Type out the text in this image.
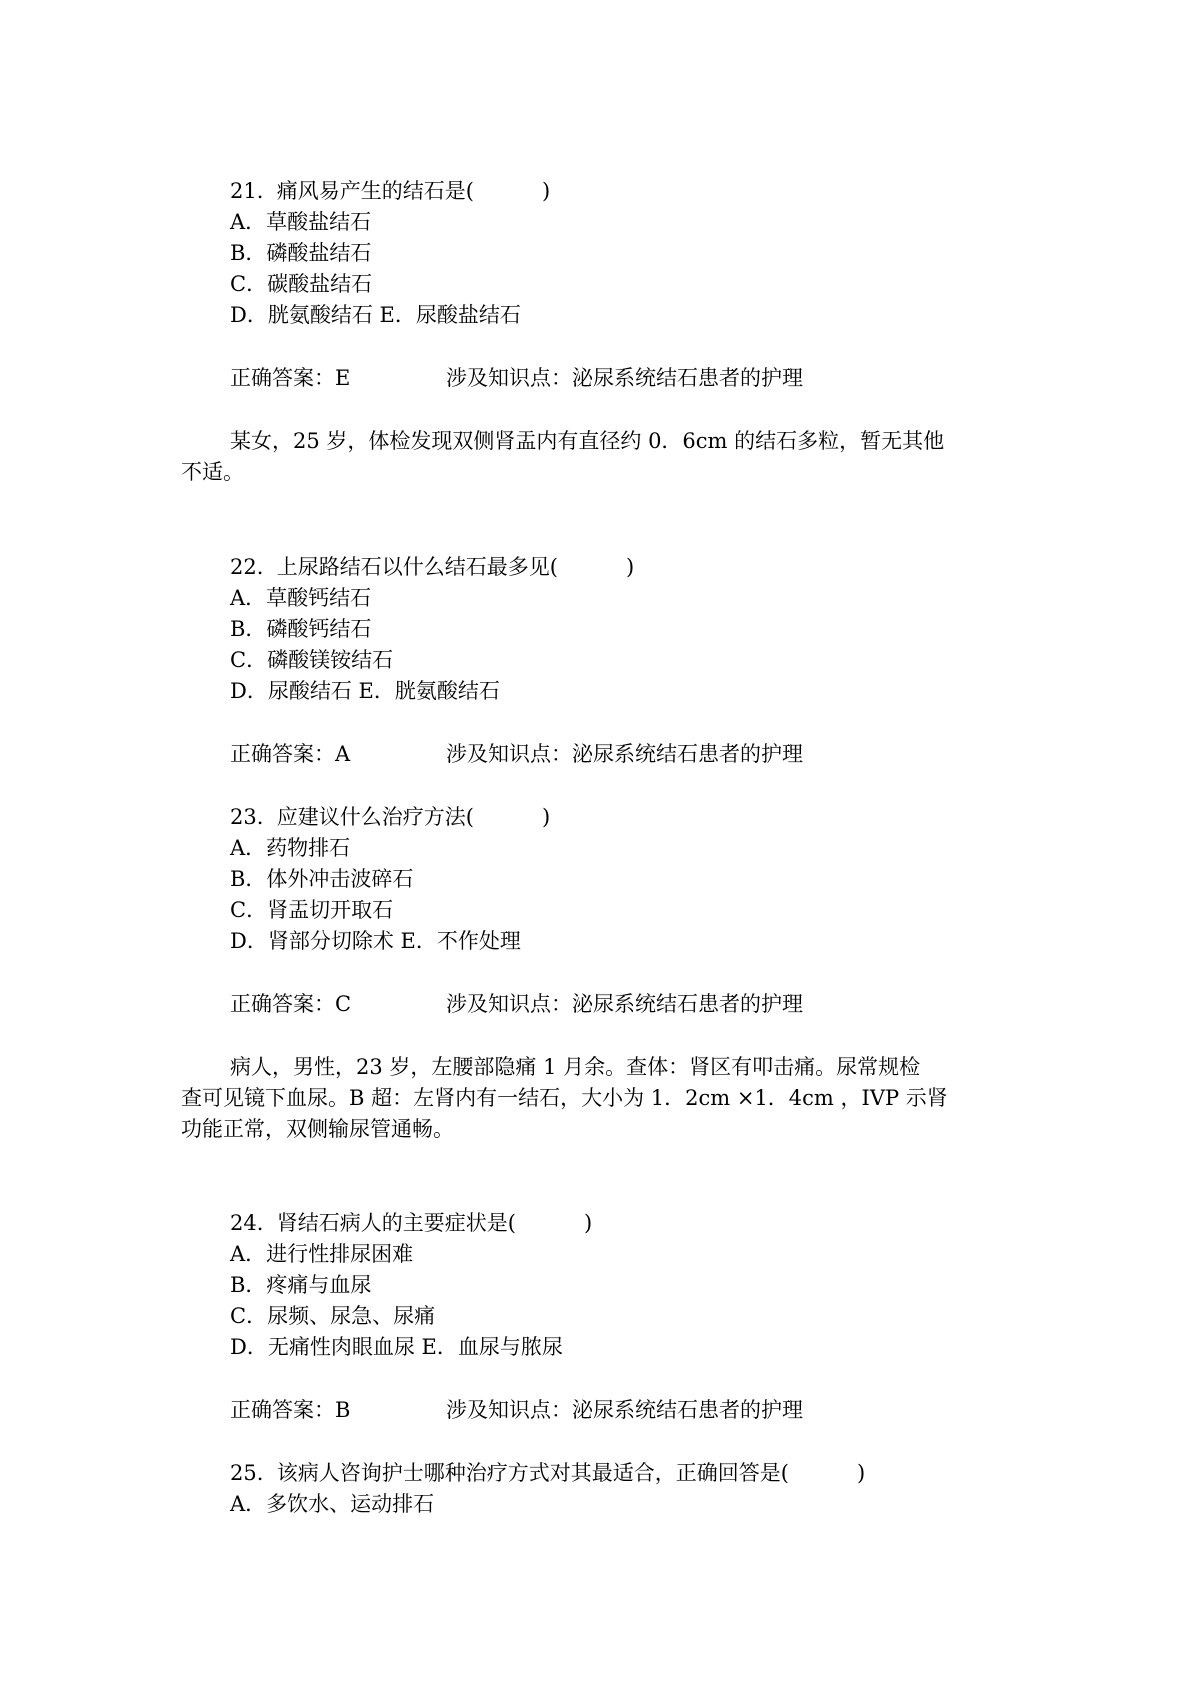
21. 痛风易产生的结石是(	)
A．草酸盐结石
B．磷酸盐结石
C．碳酸盐结石
D．胱氨酸结石 E．尿酸盐结石
正确答案：E	涉及知识点：泌尿系统结石患者的护理
某女，25 岁，体检发现双侧肾盂内有直径约 0．6cm 的结石多粒，暂无其他
不适。
22. 上尿路结石以什么结石最多见(	)
A．草酸钙结石
B．磷酸钙结石
C．磷酸镁铵结石
D．尿酸结石 E．胱氨酸结石
正确答案：A	涉及知识点：泌尿系统结石患者的护理
23. 应建议什么治疗方法(	)
A．药物排石
B．体外冲击波碎石
C．肾盂切开取石
D．肾部分切除术 E．不作处理
正确答案：C	涉及知识点：泌尿系统结石患者的护理
病人，男性，23 岁，左腰部隐痛 1 月余。查体：肾区有叩击痛。尿常规检
查可见镜下血尿。B 超：左肾内有一结石，大小为 1．2cm ×1．4cm ，IVP 示肾
功能正常，双侧输尿管通畅。
24. 肾结石病人的主要症状是(	)
A．进行性排尿困难
B．疼痛与血尿
C．尿频、尿急、尿痛
D．无痛性肉眼血尿 E．血尿与脓尿
正确答案：B	涉及知识点：泌尿系统结石患者的护理
25. 该病人咨询护士哪种治疗方式对其最适合，正确回答是(	)
A．多饮水、运动排石
